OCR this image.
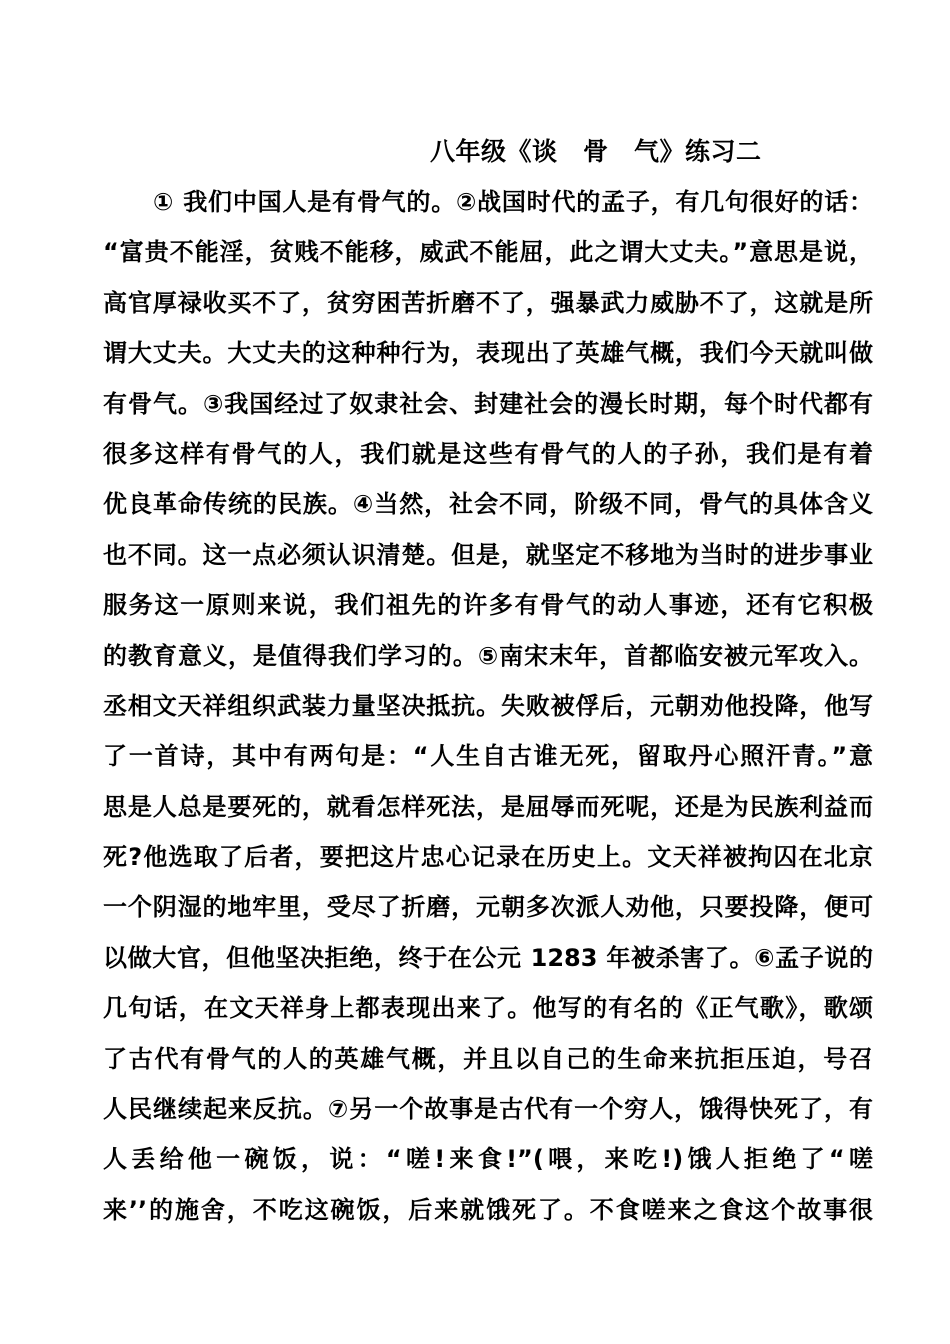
八年级《谈　骨　气》练习二
① 我们中国人是有骨气的。②战国时代的孟子，有几句很好的话：
“富贵不能淫，贫贱不能移，威武不能屈，此之谓大丈夫。”意思是说，
高官厚禄收买不了，贫穷困苦折磨不了，强暴武力威胁不了，这就是所
谓大丈夫。大丈夫的这种种行为，表现出了英雄气概，我们今天就叫做
有骨气。③我国经过了奴隶社会、封建社会的漫长时期，每个时代都有
很多这样有骨气的人，我们就是这些有骨气的人的子孙，我们是有着
优良革命传统的民族。④当然，社会不同，阶级不同，骨气的具体含义
也不同。这一点必须认识清楚。但是，就坚定不移地为当时的进步事业
服务这一原则来说，我们祖先的许多有骨气的动人事迹，还有它积极
的教育意义，是值得我们学习的。⑤南宋末年，首都临安被元军攻入。
丞相文天祥组织武装力量坚决抵抗。失败被俘后，元朝劝他投降，他写
了一首诗，其中有两句是：“人生自古谁无死，留取丹心照汗青。”意
思是人总是要死的，就看怎样死法，是屈辱而死呢，还是为民族利益而
死?他选取了后者，要把这片忠心记录在历史上。文天祥被拘囚在北京
一个阴湿的地牢里，受尽了折磨，元朝多次派人劝他，只要投降，便可
以做大官，但他坚决拒绝，终于在公元 1283 年被杀害了。⑥孟子说的
几句话，在文天祥身上都表现出来了。他写的有名的《正气歌》，歌颂
了古代有骨气的人的英雄气概，并且以自己的生命来抗拒压迫，号召
人民继续起来反抗。⑦另一个故事是古代有一个穷人，饿得快死了，有
人丢给他一碗饭，说：“嗟!来食!”(喂，来吃!)饿人拒绝了“嗟
来’’的施舍，不吃这碗饭，后来就饿死了。不食嗟来之食这个故事很
